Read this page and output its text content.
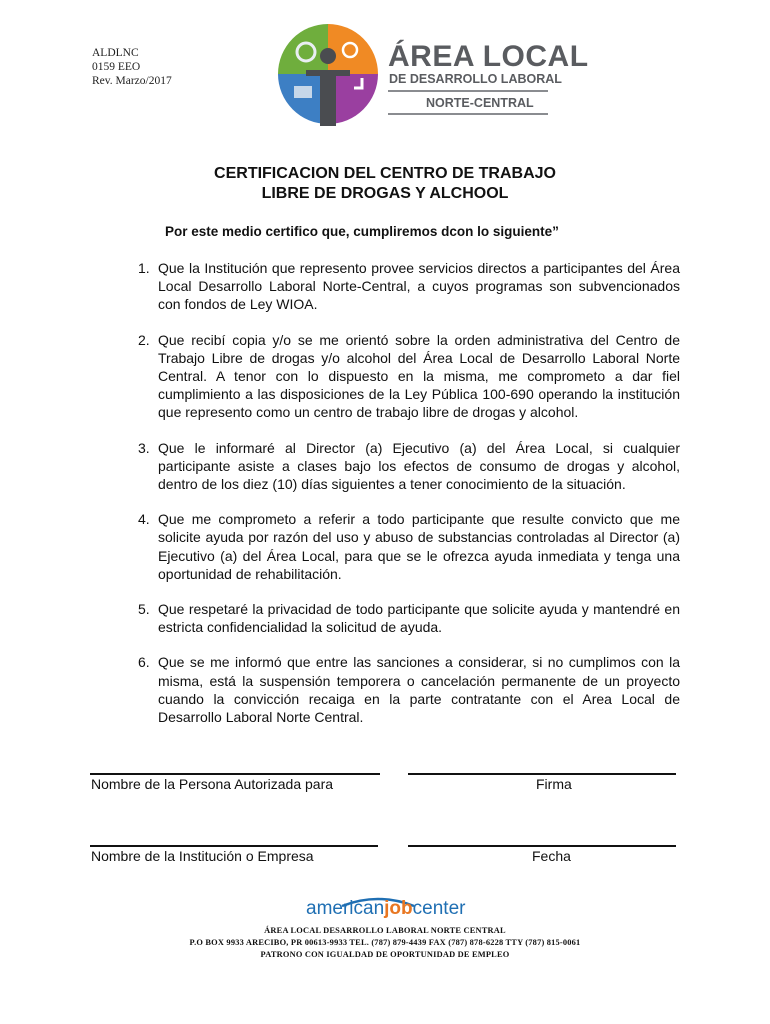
ALDLNC
0159 EEO
Rev. Marzo/2017
ÁREA LOCAL
DE DESARROLLO LABORAL
NORTE-CENTRAL
CERTIFICACION DEL CENTRO DE TRABAJO
LIBRE DE DROGAS Y ALCHOOL
Por este medio certifico que, cumpliremos dcon lo siguiente”
1. Que la Institución que represento provee servicios directos a participantes del Área Local Desarrollo Laboral Norte-Central, a cuyos programas son subvencionados con fondos de Ley WIOA.
2. Que recibí copia y/o se me orientó sobre la orden administrativa del Centro de Trabajo Libre de drogas y/o alcohol del Área Local de Desarrollo Laboral Norte Central. A tenor con lo dispuesto en la misma, me comprometo a dar fiel cumplimiento a las disposiciones de la Ley Pública 100-690 operando la institución que represento como un centro de trabajo libre de drogas y alcohol.
3. Que le informaré al Director (a) Ejecutivo (a) del Área Local, si cualquier participante asiste a clases bajo los efectos de consumo de drogas y alcohol, dentro de los diez (10) días siguientes a tener conocimiento de la situación.
4. Que me comprometo a referir a todo participante que resulte convicto que me solicite ayuda por razón del uso y abuso de substancias controladas al Director (a) Ejecutivo (a) del Área Local, para que se le ofrezca ayuda inmediata y tenga una oportunidad de rehabilitación.
5. Que respetaré la privacidad de todo participante que solicite ayuda y mantendré en estricta confidencialidad la solicitud de ayuda.
6. Que se me informó que entre las sanciones a considerar, si no cumplimos con la misma, está la suspensión temporera o cancelación permanente de un proyecto cuando la convicción recaiga en la parte contratante con el Area Local de Desarrollo Laboral Norte Central.
Nombre de la Persona Autorizada para	Firma
Nombre de la Institución o Empresa	Fecha
americanjobcenter
ÁREA LOCAL DESARROLLO LABORAL NORTE CENTRAL
P.O BOX 9933 ARECIBO, PR 00613-9933 TEL. (787) 879-4439 FAX (787) 878-6228 TTY (787) 815-0061
PATRONO CON IGUALDAD DE OPORTUNIDAD DE EMPLEO
